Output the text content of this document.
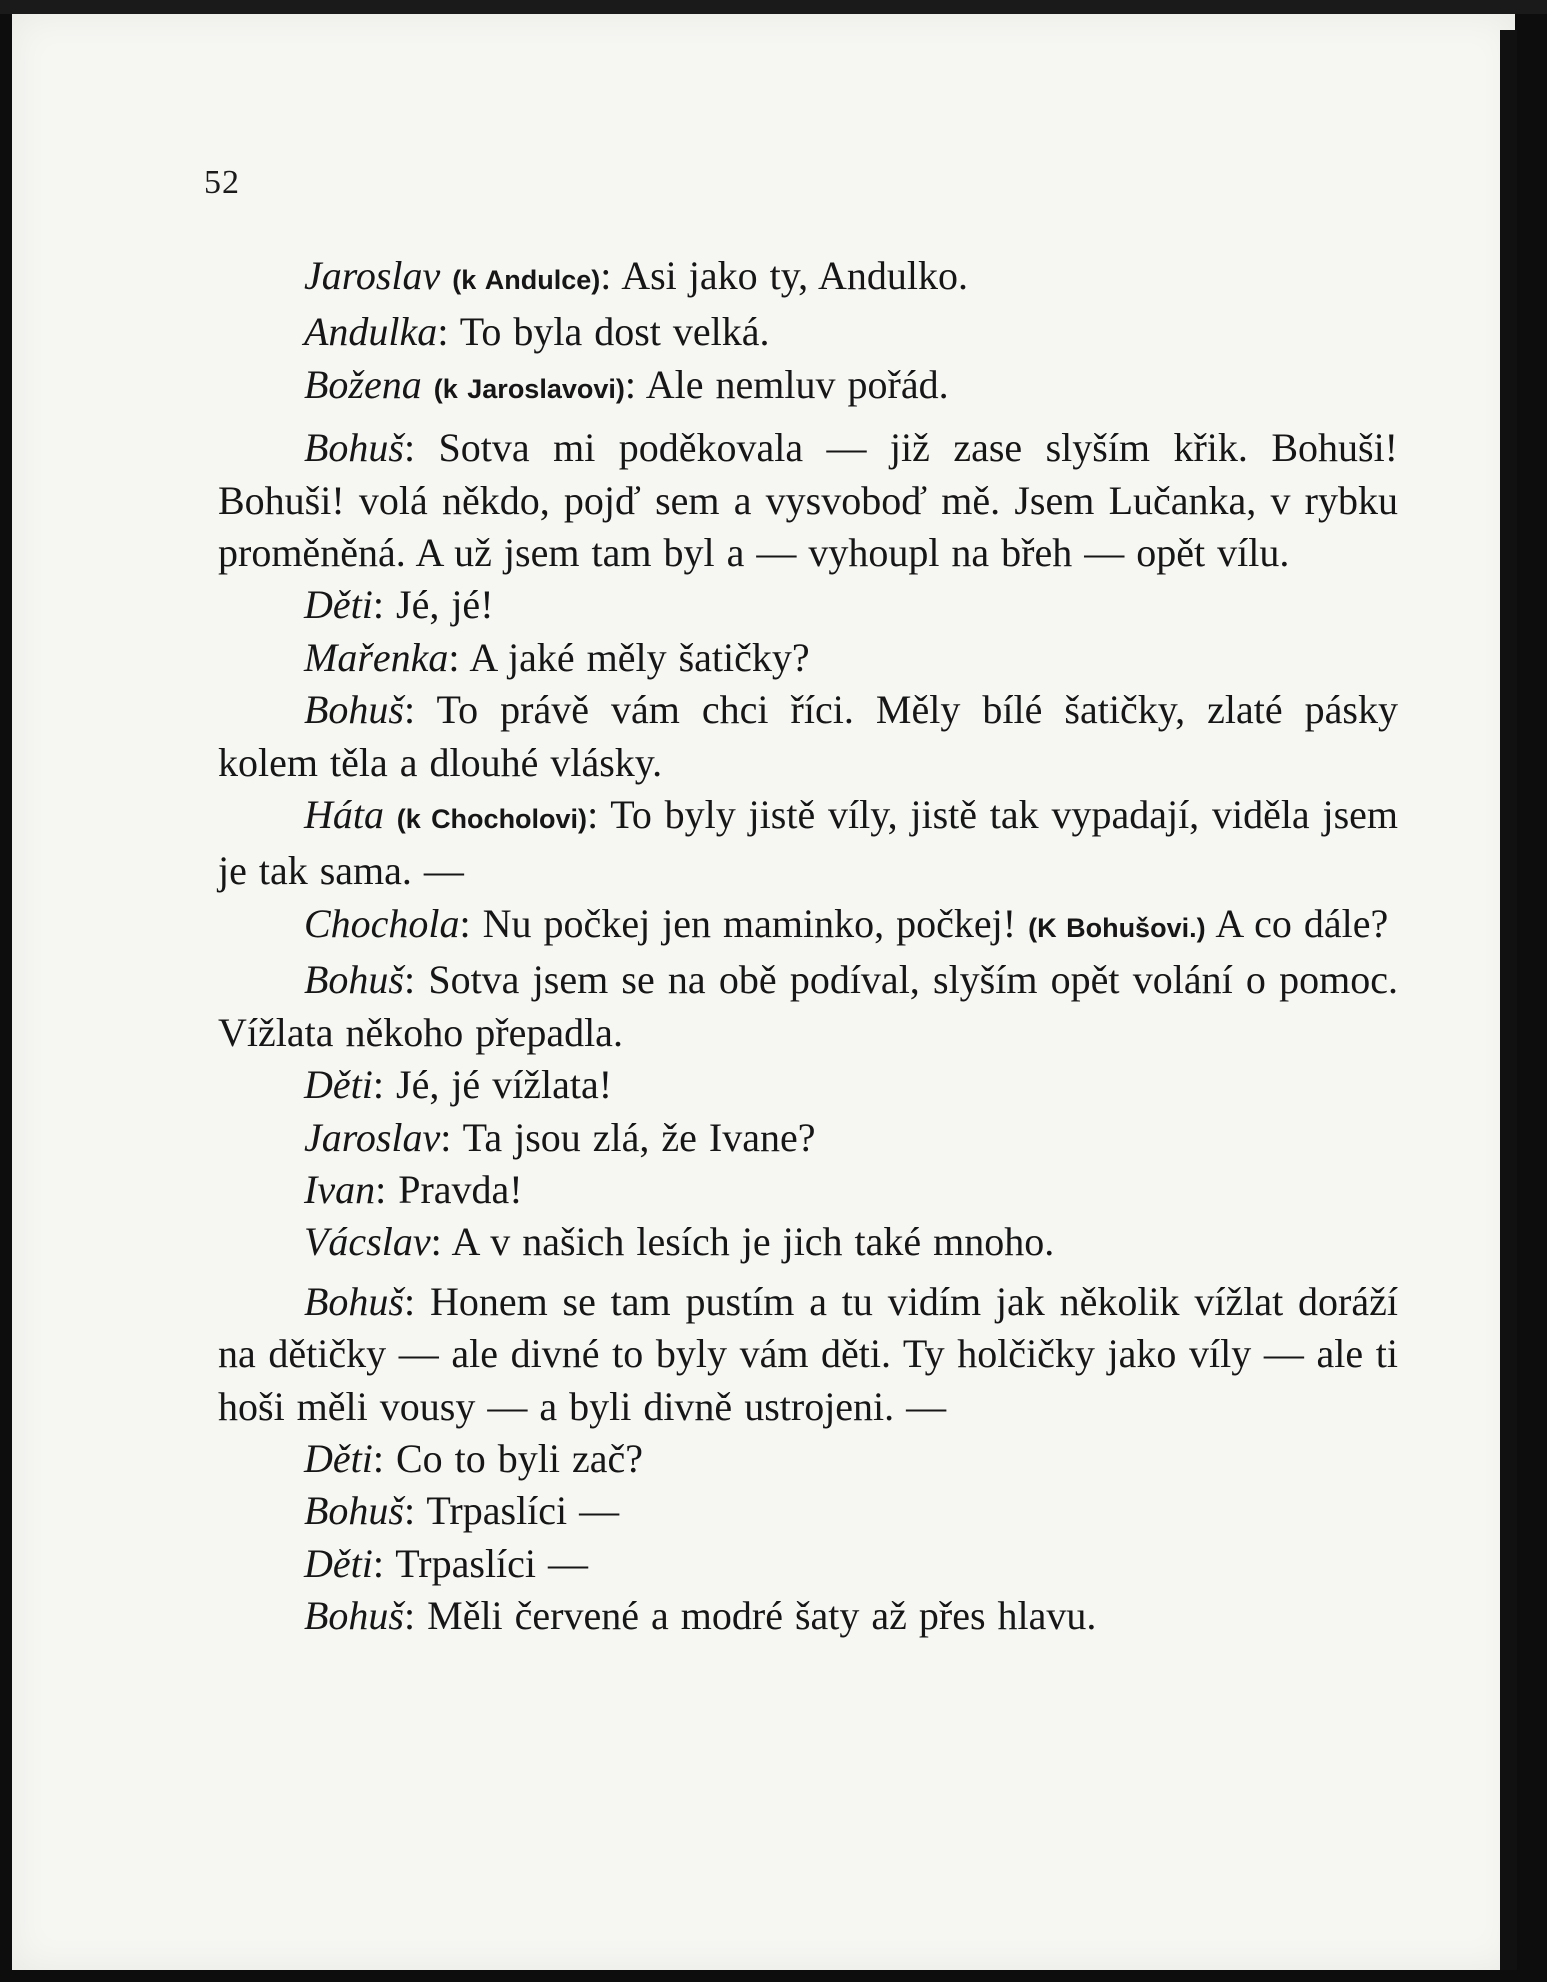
52

Jaroslav (k Andulce): Asi jako ty, Andulko.

Andulka: To byla dost velká.

Božena (k Jaroslavovi): Ale nemluv pořád.

Bohuš: Sotva mi poděkovala — již zase slyším křik. Bohuši! Bohuši! volá někdo, pojď sem a vysvoboď mě. Jsem Lučanka, v rybku proměněná. A už jsem tam byl a — vyhoupl na břeh — opět vílu.

Děti: Jé, jé!

Mařenka: A jaké měly šatičky?

Bohuš: To právě vám chci říci. Měly bílé šatičky, zlaté pásky kolem těla a dlouhé vlásky.

Háta (k Chocholovi): To byly jistě víly, jistě tak vypadají, viděla jsem je tak sama. —

Chochola: Nu počkej jen maminko, počkej! (K Bohušovi.) A co dále?

Bohuš: Sotva jsem se na obě podíval, slyším opět volání o pomoc. Vížlata někoho přepadla.

Děti: Jé, jé vížlata!

Jaroslav: Ta jsou zlá, že Ivane?

Ivan: Pravda!

Vácslav: A v našich lesích je jich také mnoho.

Bohuš: Honem se tam pustím a tu vidím jak několik vížlat doráží na dětičky — ale divné to byly vám děti. Ty holčičky jako víly — ale ti hoši měli vousy — a byli divně ustrojeni. —

Děti: Co to byli zač?

Bohuš: Trpaslíci —

Děti: Trpaslíci —

Bohuš: Měli červené a modré šaty až přes hlavu.
